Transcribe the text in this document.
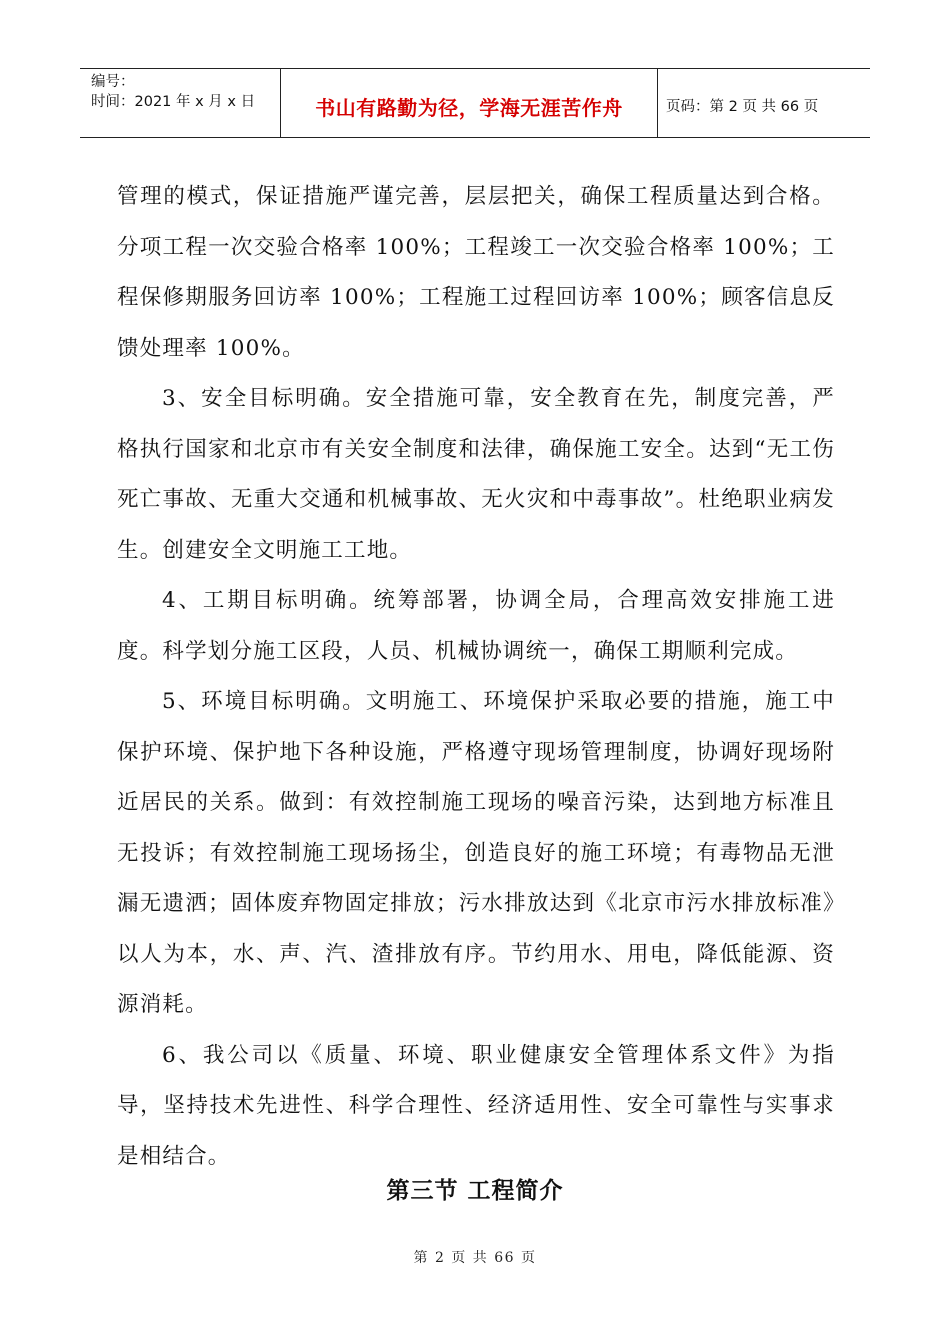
编号：
时间：2021 年 x 月 x 日	书山有路勤为径，学海无涯苦作舟	页码：第 2 页 共 66 页

管理的模式，保证措施严谨完善，层层把关，确保工程质量达到合格。分项工程一次交验合格率 100%；工程竣工一次交验合格率 100%；工程保修期服务回访率 100%；工程施工过程回访率 100%；顾客信息反馈处理率 100%。

3、安全目标明确。安全措施可靠，安全教育在先，制度完善，严格执行国家和北京市有关安全制度和法律，确保施工安全。达到“无工伤死亡事故、无重大交通和机械事故、无火灾和中毒事故”。杜绝职业病发生。创建安全文明施工工地。

4、工期目标明确。统筹部署，协调全局，合理高效安排施工进度。科学划分施工区段，人员、机械协调统一，确保工期顺利完成。

5、环境目标明确。文明施工、环境保护采取必要的措施，施工中保护环境、保护地下各种设施，严格遵守现场管理制度，协调好现场附近居民的关系。做到：有效控制施工现场的噪音污染，达到地方标准且无投诉；有效控制施工现场扬尘，创造良好的施工环境；有毒物品无泄漏无遗洒；固体废弃物固定排放；污水排放达到《北京市污水排放标准》以人为本，水、声、汽、渣排放有序。节约用水、用电，降低能源、资源消耗。

6、我公司以《质量、环境、职业健康安全管理体系文件》为指导，坚持技术先进性、科学合理性、经济适用性、安全可靠性与实事求是相结合。

第三节 工程简介
第 2 页 共 66 页
